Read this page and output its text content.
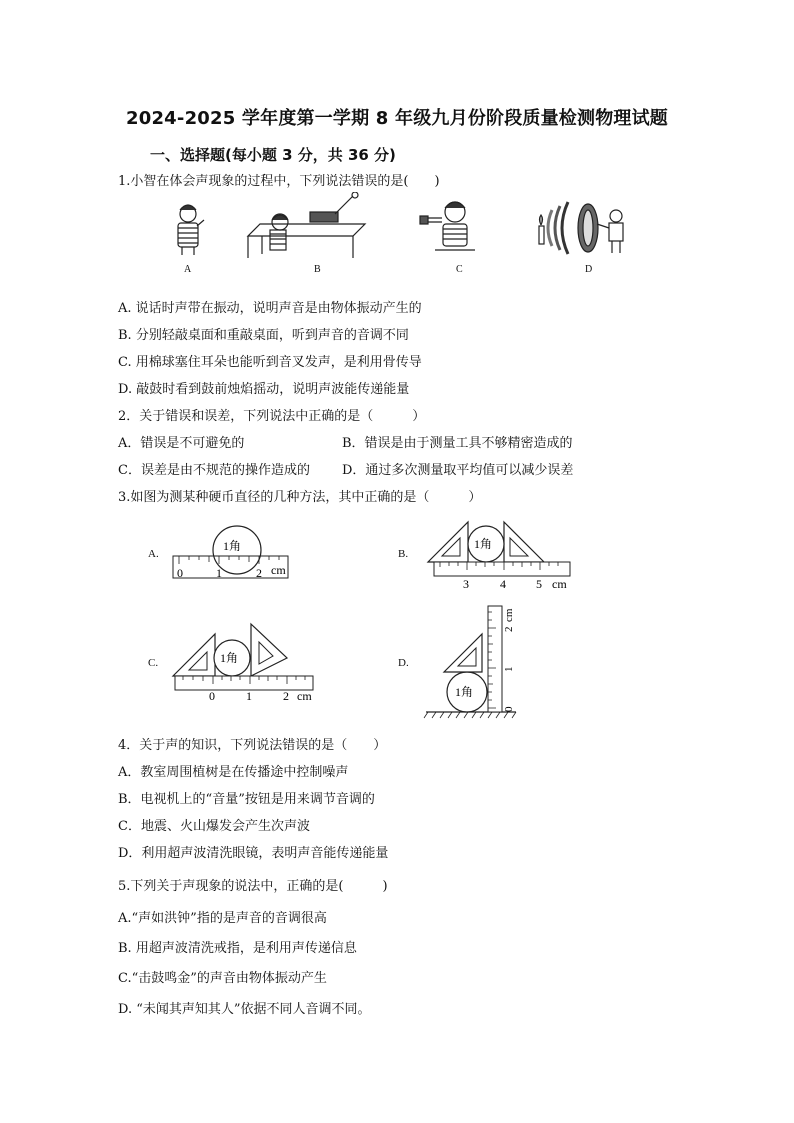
2024-2025 学年度第一学期 8 年级九月份阶段质量检测物理试题
一、选择题(每小题 3 分，共 36 分)
1.小智在体会声现象的过程中，下列说法错误的是(　　)
A	B	C	D
A. 说话时声带在振动，说明声音是由物体振动产生的
B. 分别轻敲桌面和重敲桌面，听到声音的音调不同
C. 用棉球塞住耳朵也能听到音叉发声，是利用骨传导
D. 敲鼓时看到鼓前烛焰摇动，说明声波能传递能量
2．关于错误和误差，下列说法中正确的是（　　　）
A．错误是不可避免的	B．错误是由于测量工具不够精密造成的
C．误差是由不规范的操作造成的 D．通过多次测量取平均值可以减少误差
3.如图为测某种硬币直径的几种方法，其中正确的是（　　　）
A.	B.
C.	D.
1角
0	1	2 cm
1角
3	4	5 cm
1角
0	1	2 cm	1角
0
1
2
cm
4．关于声的知识，下列说法错误的是（　　）
A．教室周围植树是在传播途中控制噪声
B．电视机上的“音量”按钮是用来调节音调的
C．地震、火山爆发会产生次声波
D．利用超声波清洗眼镜，表明声音能传递能量
5.下列关于声现象的说法中，正确的是(　　　)
A.“声如洪钟”指的是声音的音调很高
B. 用超声波清洗戒指，是利用声传递信息
C.“击鼓鸣金”的声音由物体振动产生
D. “未闻其声知其人”依据不同人音调不同。
